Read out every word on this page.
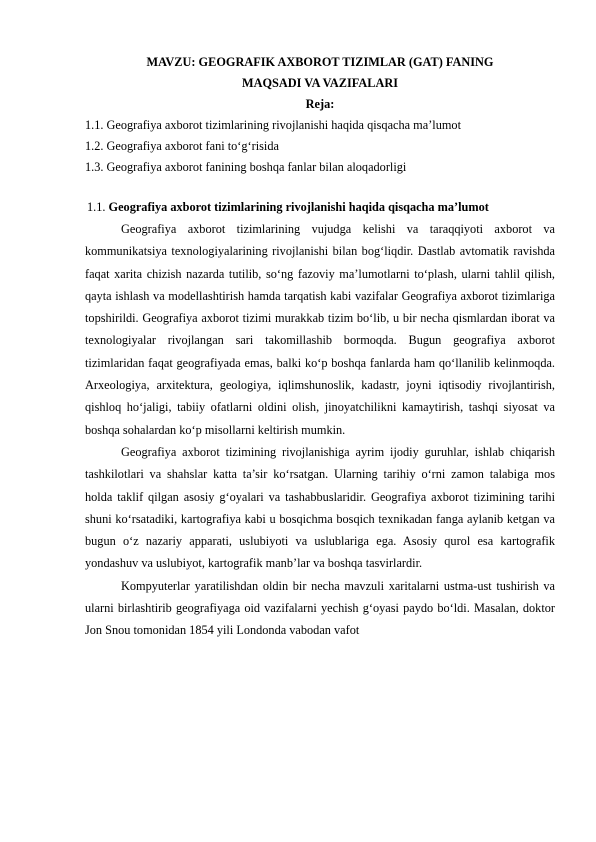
MAVZU: GEOGRAFIK AXBOROT TIZIMLAR (GAT) FANING

MAQSADI VA VAZIFALARI

Reja:

1.1. Geografiya axborot tizimlarining rivojlanishi haqida qisqacha ma’lumot

1.2. Geografiya axborot fani to‘g‘risida

1.3. Geografiya axborot fanining boshqa fanlar bilan aloqadorligi

1.1. Geografiya axborot tizimlarining rivojlanishi haqida qisqacha ma’lumot

Geografiya axborot tizimlarining vujudga kelishi va taraqqiyoti axborot va kommunikatsiya texnologiyalarining rivojlanishi bilan bog‘liqdir. Dastlab avtomatik ravishda faqat xarita chizish nazarda tutilib, so‘ng fazoviy ma’lumotlarni to‘plash, ularni tahlil qilish, qayta ishlash va modellashtirish hamda tarqatish kabi vazifalar Geografiya axborot tizimlariga topshirildi. Geografiya axborot tizimi murakkab tizim bo‘lib, u bir necha qismlardan iborat va texnologiyalar rivojlangan sari takomillashib bormoqda. Bugun geografiya axborot tizimlaridan faqat geografiyada emas, balki ko‘p boshqa fanlarda ham qo‘llanilib kelinmoqda. Arxeologiya, arxitektura, geologiya, iqlimshunoslik, kadastr, joyni iqtisodiy rivojlantirish, qishloq ho‘jaligi, tabiiy ofatlarni oldini olish, jinoyatchilikni kamaytirish, tashqi siyosat va boshqa sohalardan ko‘p misollarni keltirish mumkin.

Geografiya axborot tizimining rivojlanishiga ayrim ijodiy guruhlar, ishlab chiqarish tashkilotlari va shahslar katta ta’sir ko‘rsatgan. Ularning tarihiy o‘rni zamon talabiga mos holda taklif qilgan asosiy g‘oyalari va tashabbuslaridir. Geografiya axborot tizimining tarihi shuni ko‘rsatadiki, kartografiya kabi u bosqichma bosqich texnikadan fanga aylanib ketgan va bugun o‘z nazariy apparati, uslubiyoti va uslublariga ega. Asosiy qurol esa kartografik yondashuv va uslubiyot, kartografik manb’lar va boshqa tasvirlardir.

Kompyuterlar yaratilishdan oldin bir necha mavzuli xaritalarni ustma-ust tushirish va ularni birlashtirib geografiyaga oid vazifalarni yechish g‘oyasi paydo bo‘ldi. Masalan, doktor Jon Snou tomonidan 1854 yili Londonda vabodan vafot
